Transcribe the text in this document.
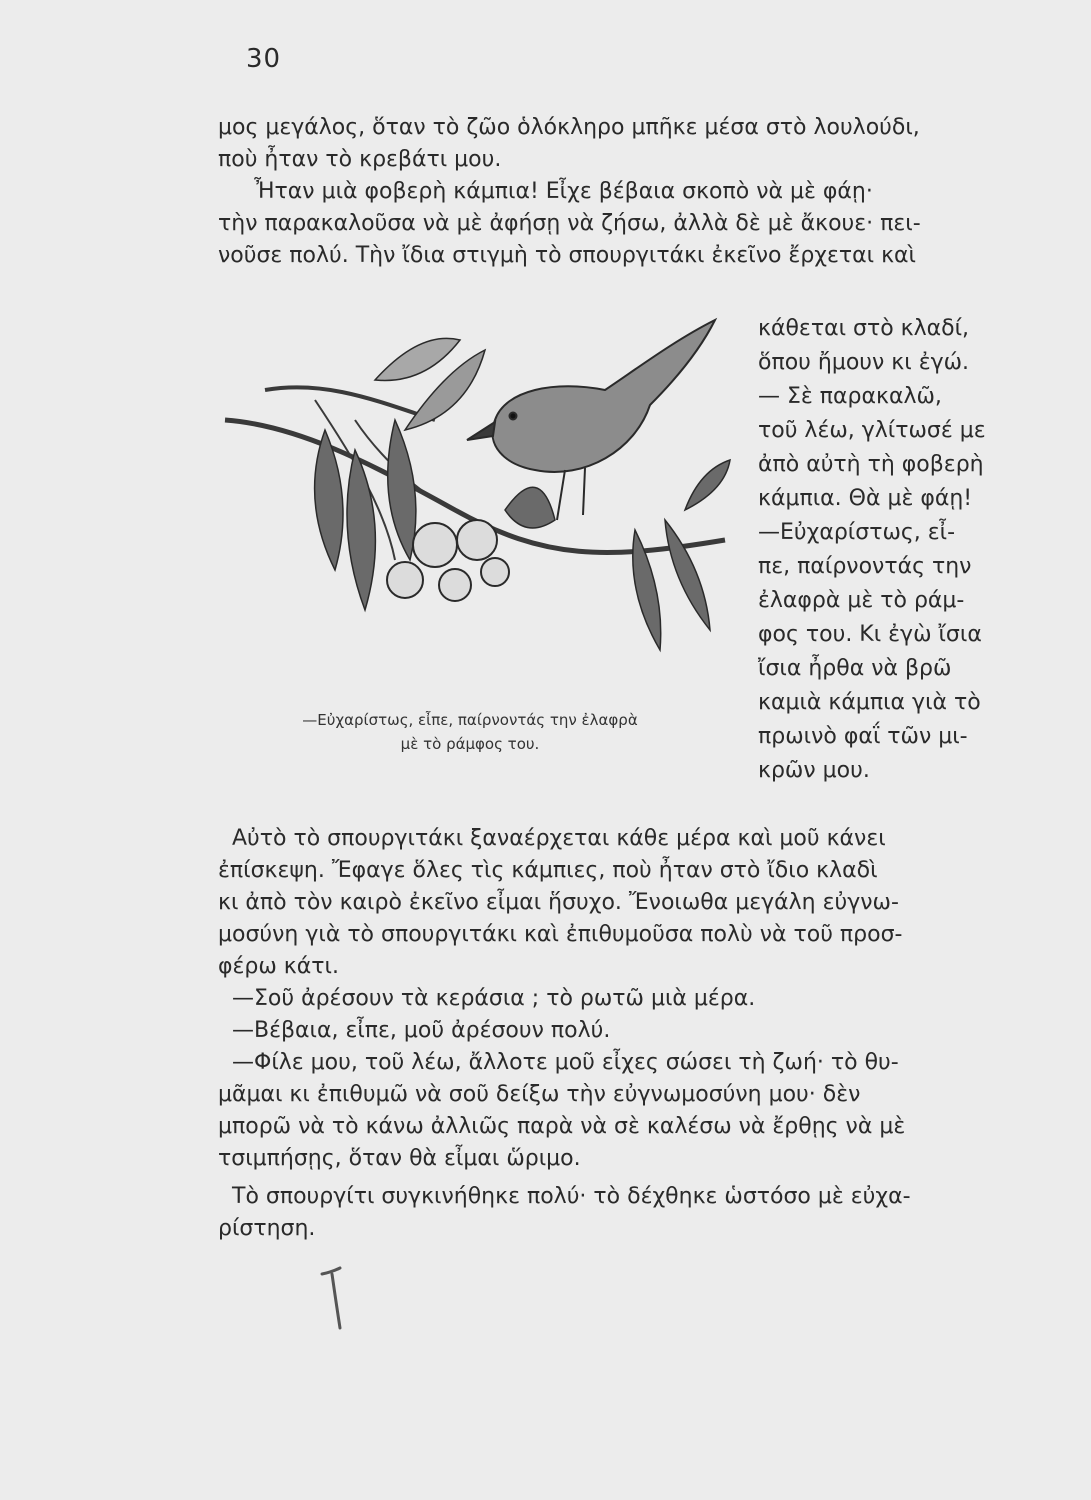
30
μος μεγάλος, ὅταν τὸ ζῶο ὁλόκληρο μπῆκε μέσα στὸ λουλούδι,
ποὺ ἦταν τὸ κρεβάτι μου.
Ἦταν μιὰ φοβερὴ κάμπια! Εἶχε βέβαια σκοπὸ νὰ μὲ φάῃ·
τὴν παρακαλοῦσα νὰ μὲ ἀφήσῃ νὰ ζήσω, ἀλλὰ δὲ μὲ ἄκουε· πει-
νοῦσε πολύ. Τὴν ἴδια στιγμὴ τὸ σπουργιτάκι ἐκεῖνο ἔρχεται καὶ
—Εὐχαρίστως, εἶπε, παίρνοντάς την ἐλαφρὰ
μὲ τὸ ράμφος του.
κάθεται στὸ κλαδί,
ὅπου ἤμουν κι ἐγώ.
— Σὲ παρακαλῶ,
τοῦ λέω, γλίτωσέ με
ἀπὸ αὐτὴ τὴ φοβερὴ
κάμπια. Θὰ μὲ φάῃ!
—Εὐχαρίστως, εἶ-
πε, παίρνοντάς την
ἐλαφρὰ μὲ τὸ ράμ-
φος του. Κι ἐγὼ ἴσια
ἴσια ἦρθα νὰ βρῶ
καμιὰ κάμπια γιὰ τὸ
πρωινὸ φαΐ τῶν μι-
κρῶν μου.
Αὐτὸ τὸ σπουργιτάκι ξαναέρχεται κάθε μέρα καὶ μοῦ κάνει
ἐπίσκεψη. Ἔφαγε ὅλες τὶς κάμπιες, ποὺ ἦταν στὸ ἴδιο κλαδὶ
κι ἀπὸ τὸν καιρὸ ἐκεῖνο εἶμαι ἥσυχο. Ἔνοιωθα μεγάλη εὐγνω-
μοσύνη γιὰ τὸ σπουργιτάκι καὶ ἐπιθυμοῦσα πολὺ νὰ τοῦ προσ-
φέρω κάτι.
—Σοῦ ἀρέσουν τὰ κεράσια ; τὸ ρωτῶ μιὰ μέρα.
—Βέβαια, εἶπε, μοῦ ἀρέσουν πολύ.
—Φίλε μου, τοῦ λέω, ἄλλοτε μοῦ εἶχες σώσει τὴ ζωή· τὸ θυ-
μᾶμαι κι ἐπιθυμῶ νὰ σοῦ δείξω τὴν εὐγνωμοσύνη μου· δὲν
μπορῶ νὰ τὸ κάνω ἀλλιῶς παρὰ νὰ σὲ καλέσω νὰ ἔρθῃς νὰ μὲ
τσιμπήσῃς, ὅταν θὰ εἶμαι ὥριμο.
Τὸ σπουργίτι συγκινήθηκε πολύ· τὸ δέχθηκε ὡστόσο μὲ εὐχα-
ρίστηση.
